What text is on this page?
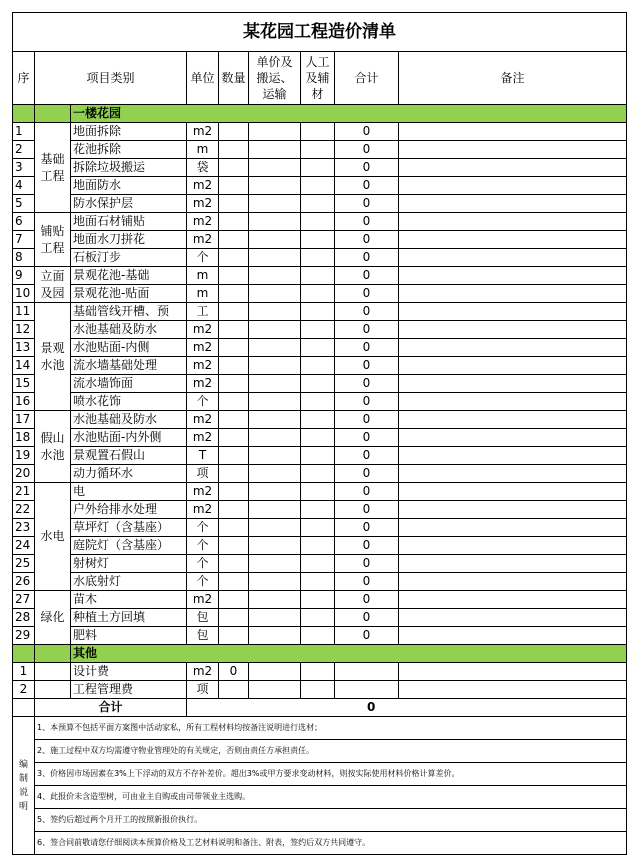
某花园工程造价清单								
序	项目类别		单位	数量	单价及搬运、运输	人工及辅材	合计	备注
		一楼花园						
1	基础工程	地面拆除	m2				0	
2		花池拆除	m				0	
3		拆除垃圾搬运	袋				0	
4		地面防水	m2				0	
5		防水保护层	m2				0	
6	铺贴工程	地面石材铺贴	m2				0	
7		地面水刀拼花	m2				0	
8		石板汀步	个				0	
9	立面及园	景观花池-基础	m				0	
10		景观花池-贴面	m				0	
11	景观水池	基础管线开槽、预	工				0	
12		水池基础及防水	m2				0	
13		水池贴面-内侧	m2				0	
14		流水墙基础处理	m2				0	
15		流水墙饰面	m2				0	
16		喷水花饰	个				0	
17	假山水池	水池基础及防水	m2				0	
18		水池贴面-内外侧	m2				0	
19		景观置石假山	T				0	
20		动力循环水	项				0	
21	水电	电	m2				0	
22		户外给排水处理	m2				0	
23		草坪灯（含基座）	个				0	
24		庭院灯（含基座）	个				0	
25		射树灯	个				0	
26		水底射灯	个				0	
27	绿化	苗木	m2				0	
28		种植土方回填	包				0	
29		肥料	包				0	
		其他						
1		设计费	m2	0				
2		工程管理费	项					
	合计		0					
编制说明	1、本预算不包括平面方案图中活动家私，所有工程材料均按备注说明进行选材；							
	2、施工过程中双方均需遵守物业管理处的有关规定，否则由责任方承担责任。							
	3、价格因市场因素在3%上下浮动的双方不存补差价。超出3%或甲方要求变动材料，则按实际使用材料价格计算差价。							
	4、此报价未含造型树，可由业主自购或由司带领业主选购。							
	5、签约后超过两个月开工的按照新报价执行。							
	6、签合同前敬请您仔细阅读本预算价格及工艺材料说明和备注、附表，签约后双方共同遵守。							
